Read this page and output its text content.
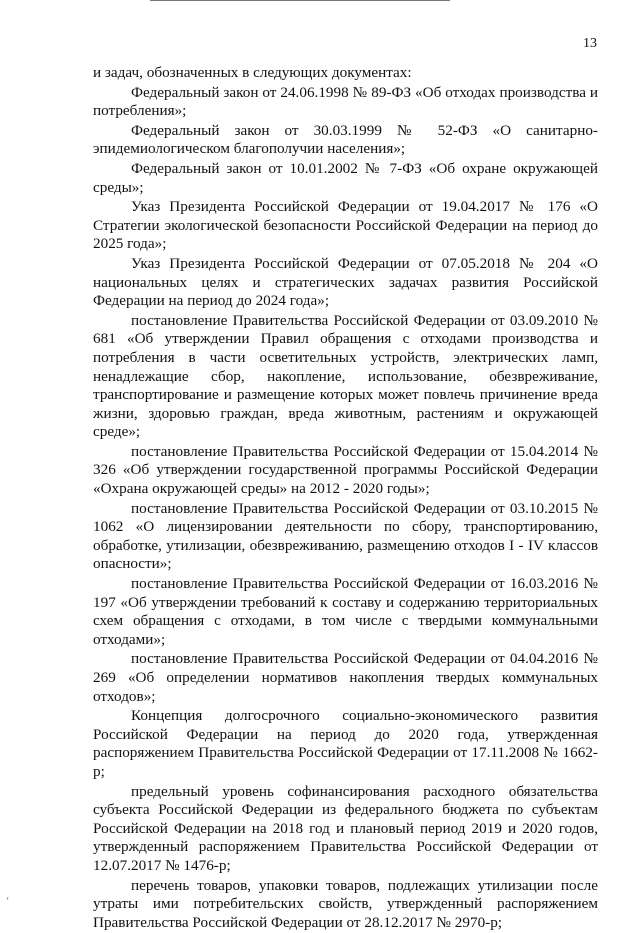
13

и задач, обозначенных в следующих документах:

Федеральный закон от 24.06.1998 № 89-ФЗ «Об отходах производства и потребления»;

Федеральный закон от 30.03.1999 № 52-ФЗ «О санитарно-эпидемиологическом благополучии населения»;

Федеральный закон от 10.01.2002 № 7-ФЗ «Об охране окружающей среды»;

Указ Президента Российской Федерации от 19.04.2017 № 176 «О Стратегии экологической безопасности Российской Федерации на период до 2025 года»;

Указ Президента Российской Федерации от 07.05.2018 № 204 «О национальных целях и стратегических задачах развития Российской Федерации на период до 2024 года»;

постановление Правительства Российской Федерации от 03.09.2010 № 681 «Об утверждении Правил обращения с отходами производства и потребления в части осветительных устройств, электрических ламп, ненадлежащие сбор, накопление, использование, обезвреживание, транспортирование и размещение которых может повлечь причинение вреда жизни, здоровью граждан, вреда животным, растениям и окружающей среде»;

постановление Правительства Российской Федерации от 15.04.2014 № 326 «Об утверждении государственной программы Российской Федерации «Охрана окружающей среды» на 2012 - 2020 годы»;

постановление Правительства Российской Федерации от 03.10.2015 № 1062 «О лицензировании деятельности по сбору, транспортированию, обработке, утилизации, обезвреживанию, размещению отходов I - IV классов опасности»;

постановление Правительства Российской Федерации от 16.03.2016 № 197 «Об утверждении требований к составу и содержанию территориальных схем обращения с отходами, в том числе с твердыми коммунальными отходами»;

постановление Правительства Российской Федерации от 04.04.2016 № 269 «Об определении нормативов накопления твердых коммунальных отходов»;

Концепция долгосрочного социально-экономического развития Российской Федерации на период до 2020 года, утвержденная распоряжением Правительства Российской Федерации от 17.11.2008 № 1662-р;

предельный уровень софинансирования расходного обязательства субъекта Российской Федерации из федерального бюджета по субъектам Российской Федерации на 2018 год и плановый период 2019 и 2020 годов, утвержденный распоряжением Правительства Российской Федерации от 12.07.2017 № 1476-р;

перечень товаров, упаковки товаров, подлежащих утилизации после утраты ими потребительских свойств, утвержденный распоряжением Правительства Российской Федерации от 28.12.2017 № 2970-р;

ʻ
